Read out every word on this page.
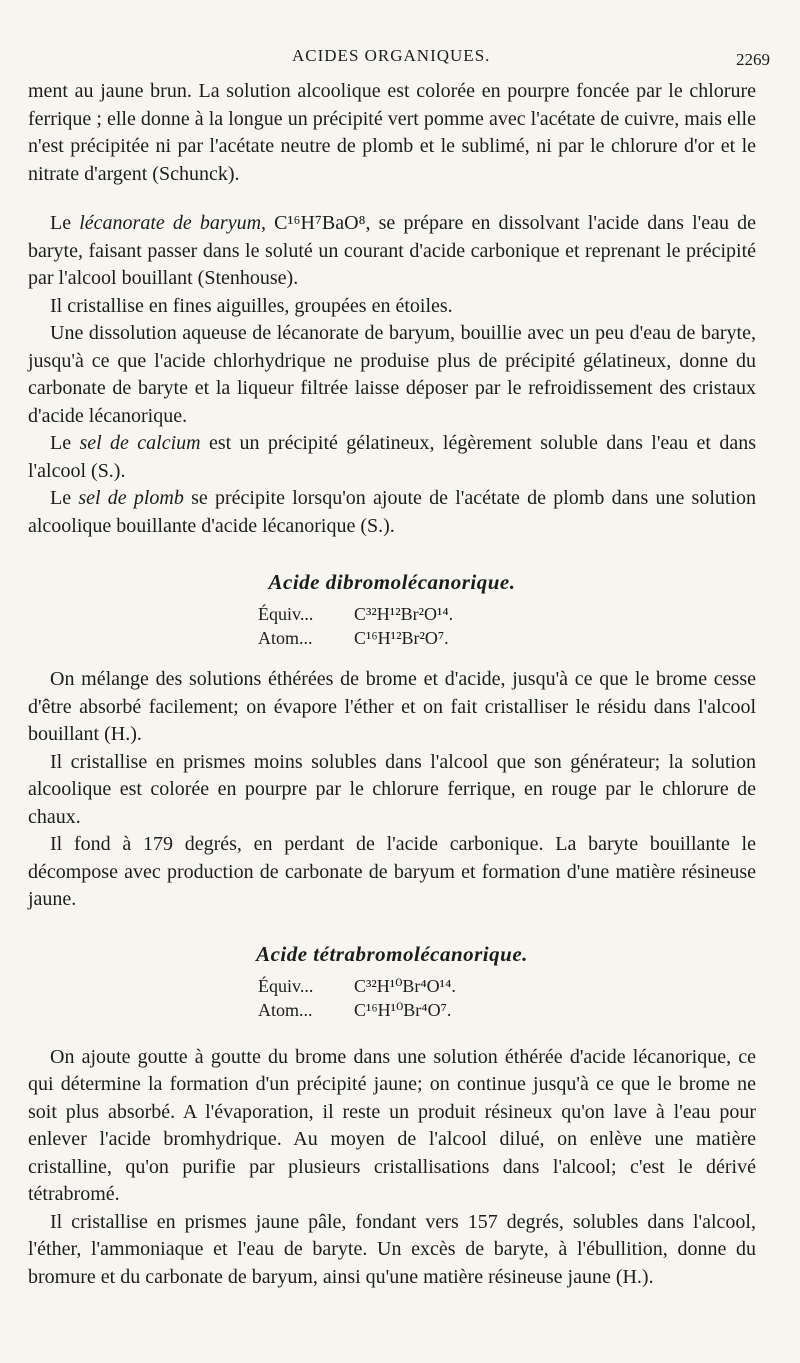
ACIDES ORGANIQUES.	2269

ment au jaune brun. La solution alcoolique est colorée en pourpre foncée par le chlorure ferrique ; elle donne à la longue un précipité vert pomme avec l'acétate de cuivre, mais elle n'est précipitée ni par l'acétate neutre de plomb et le sublimé, ni par le chlorure d'or et le nitrate d'argent (Schunck).

Le lécanorate de baryum, C¹⁶H⁷BaO⁸, se prépare en dissolvant l'acide dans l'eau de baryte, faisant passer dans le soluté un courant d'acide carbonique et reprenant le précipité par l'alcool bouillant (Stenhouse).

Il cristallise en fines aiguilles, groupées en étoiles.

Une dissolution aqueuse de lécanorate de baryum, bouillie avec un peu d'eau de baryte, jusqu'à ce que l'acide chlorhydrique ne produise plus de précipité gélatineux, donne du carbonate de baryte et la liqueur filtrée laisse déposer par le refroidissement des cristaux d'acide lécanorique.

Le sel de calcium est un précipité gélatineux, légèrement soluble dans l'eau et dans l'alcool (S.).

Le sel de plomb se précipite lorsqu'on ajoute de l'acétate de plomb dans une solution alcoolique bouillante d'acide lécanorique (S.).

Acide dibromolécanorique.
Équiv... C³²H¹²Br²O¹⁴.
Atom... C¹⁶H¹²Br²O⁷.

On mélange des solutions éthérées de brome et d'acide, jusqu'à ce que le brome cesse d'être absorbé facilement; on évapore l'éther et on fait cristalliser le résidu dans l'alcool bouillant (H.).

Il cristallise en prismes moins solubles dans l'alcool que son générateur; la solution alcoolique est colorée en pourpre par le chlorure ferrique, en rouge par le chlorure de chaux.

Il fond à 179 degrés, en perdant de l'acide carbonique. La baryte bouillante le décompose avec production de carbonate de baryum et formation d'une matière résineuse jaune.

Acide tétrabromolécanorique.
Équiv... C³²H¹⁰Br⁴O¹⁴.
Atom... C¹⁶H¹⁰Br⁴O⁷.

On ajoute goutte à goutte du brome dans une solution éthérée d'acide lécanorique, ce qui détermine la formation d'un précipité jaune; on continue jusqu'à ce que le brome ne soit plus absorbé. A l'évaporation, il reste un produit résineux qu'on lave à l'eau pour enlever l'acide bromhydrique. Au moyen de l'alcool dilué, on enlève une matière cristalline, qu'on purifie par plusieurs cristallisations dans l'alcool; c'est le dérivé tétrabromé.

Il cristallise en prismes jaune pâle, fondant vers 157 degrés, solubles dans l'alcool, l'éther, l'ammoniaque et l'eau de baryte. Un excès de baryte, à l'ébullition, donne du bromure et du carbonate de baryum, ainsi qu'une matière résineuse jaune (H.).
